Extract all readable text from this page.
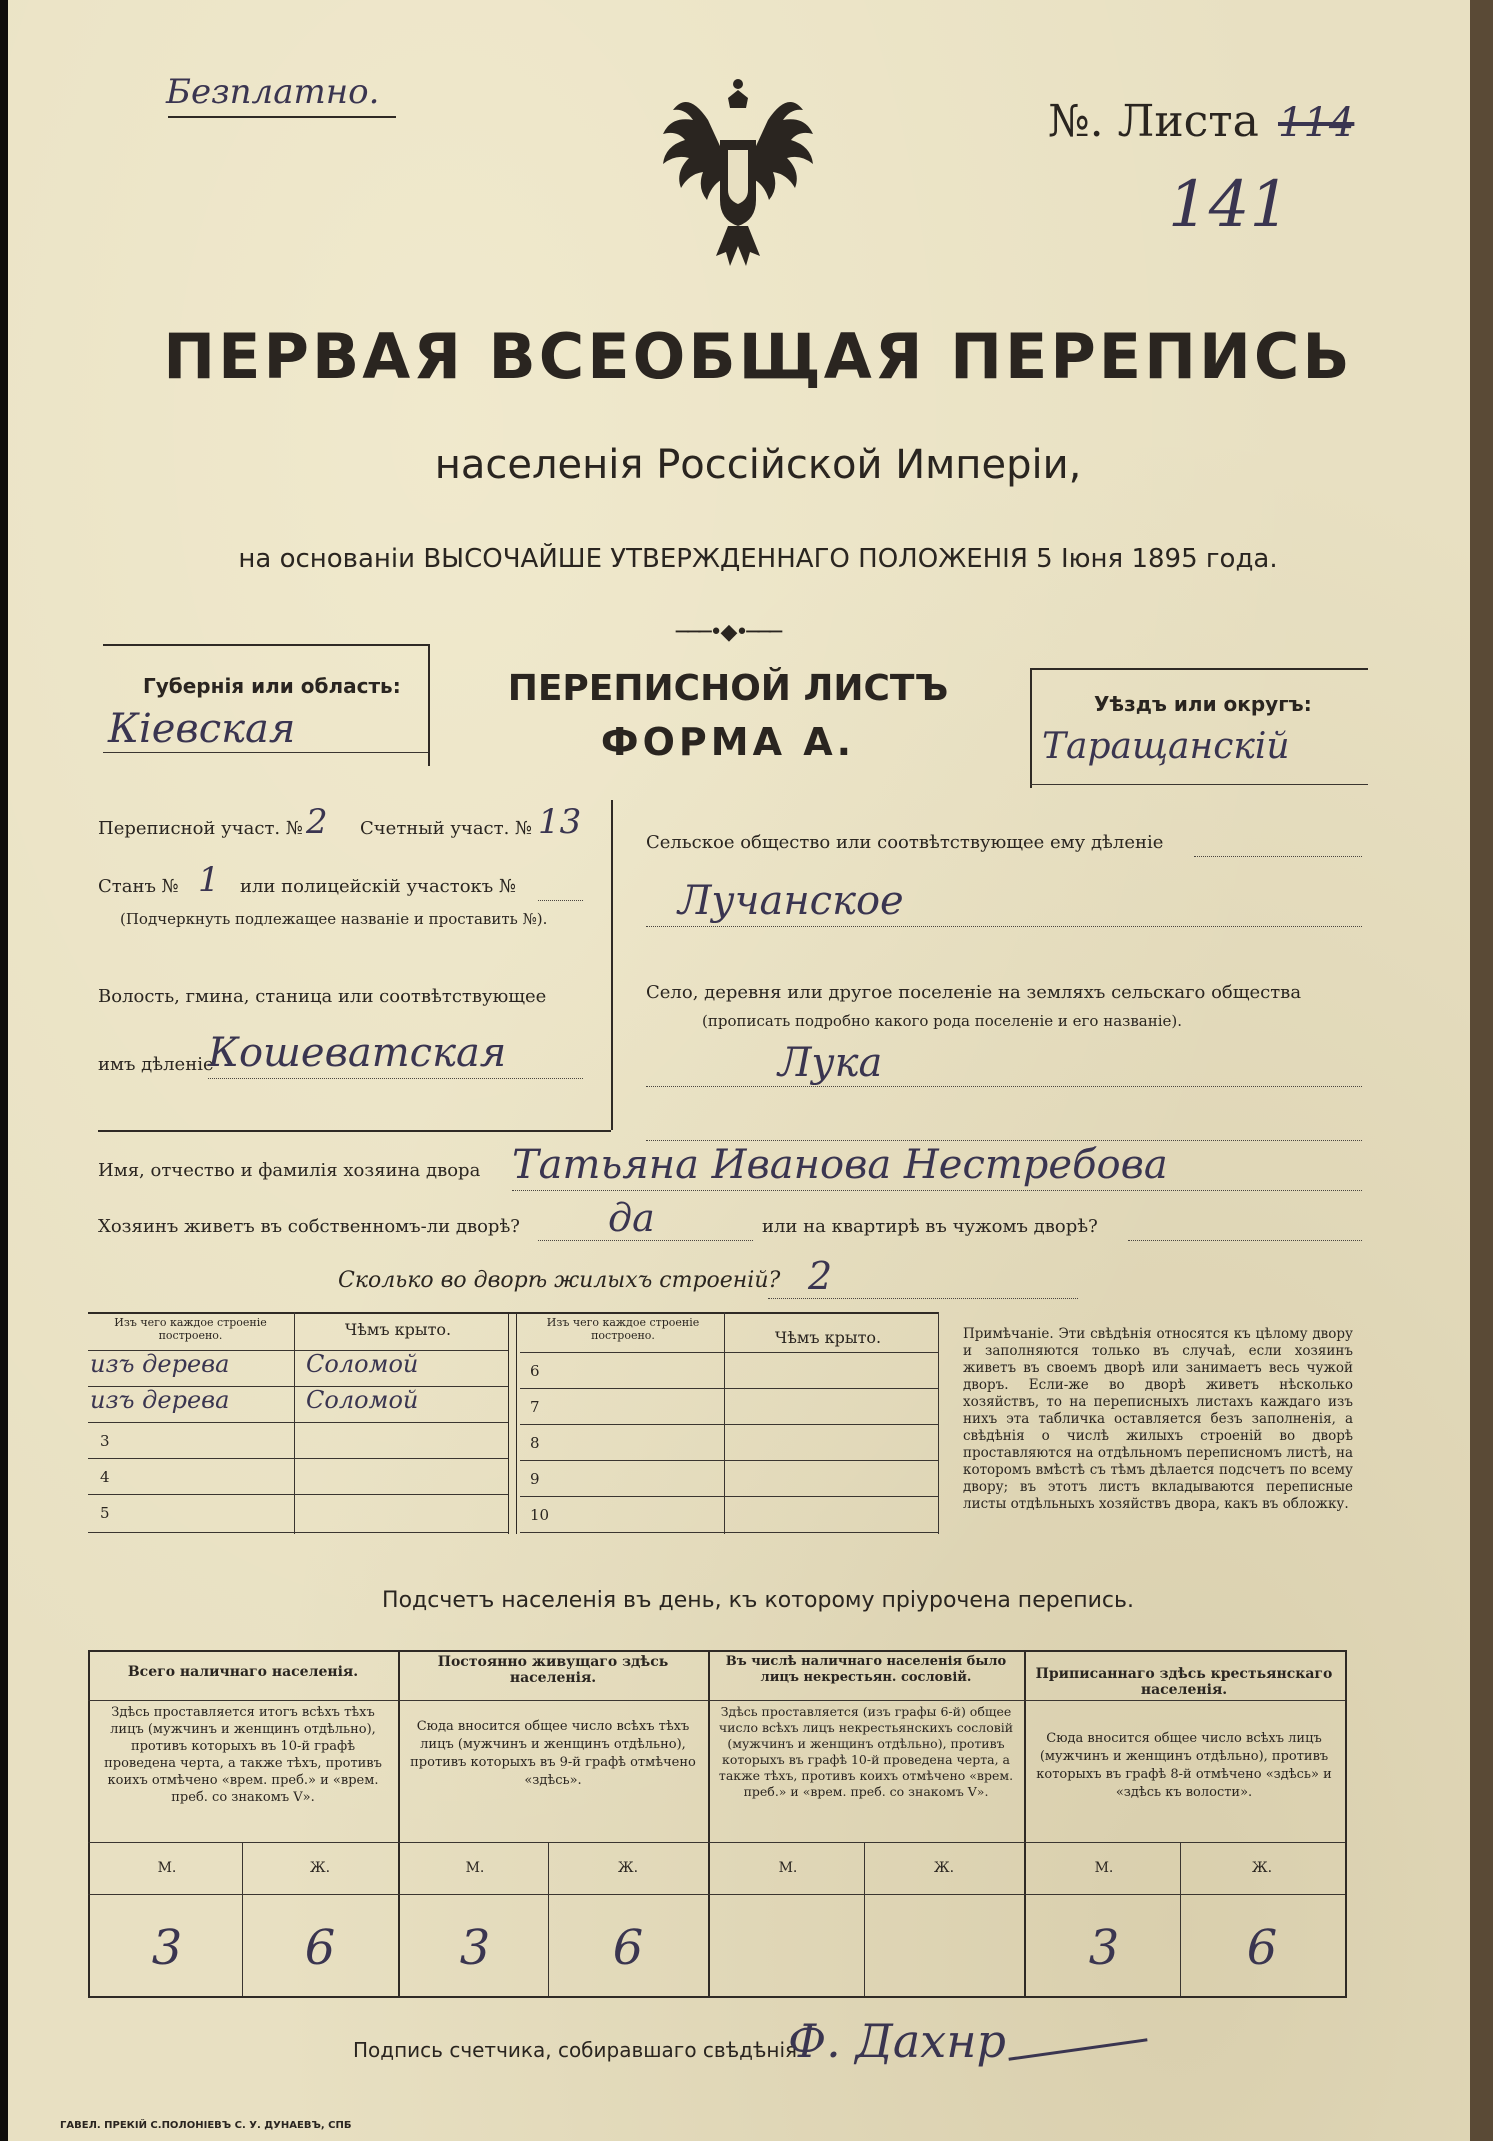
Безплатно.
№. Листа 114
141
ПЕРВАЯ ВСЕОБЩАЯ ПЕРЕПИСЬ
населенія Россійской Имперіи,
на основаніи ВЫСОЧАЙШЕ УТВЕРЖДЕННАГО ПОЛОЖЕНІЯ 5 Іюня 1895 года.
───•◆•───
Губернія или область:
Кіевская
ПЕРЕПИСНОЙ ЛИСТЪ
ФОРМА А.
Уѣздъ или округъ:
Таращанскій
Переписной участ. № 2 Счетный участ. № 13
Станъ № 1 или полицейскій участокъ №
(Подчеркнуть подлежащее названіе и проставить №).
Волость, гмина, станица или соотвѣтствующее
имъ дѣленіе
Кошеватская
Сельское общество или соотвѣтствующее ему дѣленіе
Лучанское
Село, деревня или другое поселеніе на земляхъ сельскаго общества
(прописать подробно какого рода поселеніе и его названіе).
Лука
Имя, отчество и фамилія хозяина двора Татьяна Иванова Нестребова
Хозяинъ живетъ въ собственномъ-ли дворѣ? да	или на квартирѣ въ чужомъ дворѣ?
Сколько во дворѣ жилыхъ строеній? 2
Изъ чего каждое строеніе построено.	Чѣмъ крыто.	Изъ чего каждое строеніе построено.	Чѣмъ крыто.
изъ дерева	Соломой
изъ дерева	Соломой
3
4
5
6
7
8
9
10
Примѣчаніе. Эти свѣдѣнія относятся къ цѣлому двору и заполняются только въ случаѣ, если хозяинъ живетъ въ своемъ дворѣ или занимаетъ весь чужой дворъ. Если-же во дворѣ живетъ нѣсколько хозяйствъ, то на переписныхъ листахъ каждаго изъ нихъ эта табличка оставляется безъ заполненія, а свѣдѣнія о числѣ жилыхъ строеній во дворѣ проставляются на отдѣльномъ переписномъ листѣ, на которомъ вмѣстѣ съ тѣмъ дѣлается подсчетъ по всему двору; въ этотъ листъ вкладываются переписные листы отдѣльныхъ хозяйствъ двора, какъ въ обложку.
Подсчетъ населенія въ день, къ которому пріурочена перепись.
Всего наличнаго населенія.
Здѣсь проставляется итогъ всѣхъ тѣхъ лицъ (мужчинъ и женщинъ отдѣльно), противъ которыхъ въ 10-й графѣ проведена черта, а также тѣхъ, противъ коихъ отмѣчено «врем. преб.» и «врем. преб. со знакомъ V».
М.	Ж.
3	6
Постоянно живущаго здѣсь населенія.
Сюда вносится общее число всѣхъ тѣхъ лицъ (мужчинъ и женщинъ отдѣльно), противъ которыхъ въ 9-й графѣ отмѣчено «здѣсь».
М.	Ж.
3	6
Въ числѣ наличнаго населенія было лицъ некрестьян. сословій.
Здѣсь проставляется (изъ графы 6-й) общее число всѣхъ лицъ некрестьянскихъ сословій (мужчинъ и женщинъ отдѣльно), противъ которыхъ въ графѣ 10-й проведена черта, а также тѣхъ, противъ коихъ отмѣчено «врем. преб.» и «врем. преб. со знакомъ V».
М.	Ж.
Приписаннаго здѣсь крестьянскаго населенія.
Сюда вносится общее число всѣхъ лицъ (мужчинъ и женщинъ отдѣльно), противъ которыхъ въ графѣ 8-й отмѣчено «здѣсь» и «здѣсь къ волости».
М.	Ж.
3	6
Подпись счетчика, собиравшаго свѣдѣнія
Ф. Дахнр
ГАВЕЛ. ПРЕКІЙ С.ПОЛОНІЕВЪ С. У. ДУНАЕВЪ, СПБ
